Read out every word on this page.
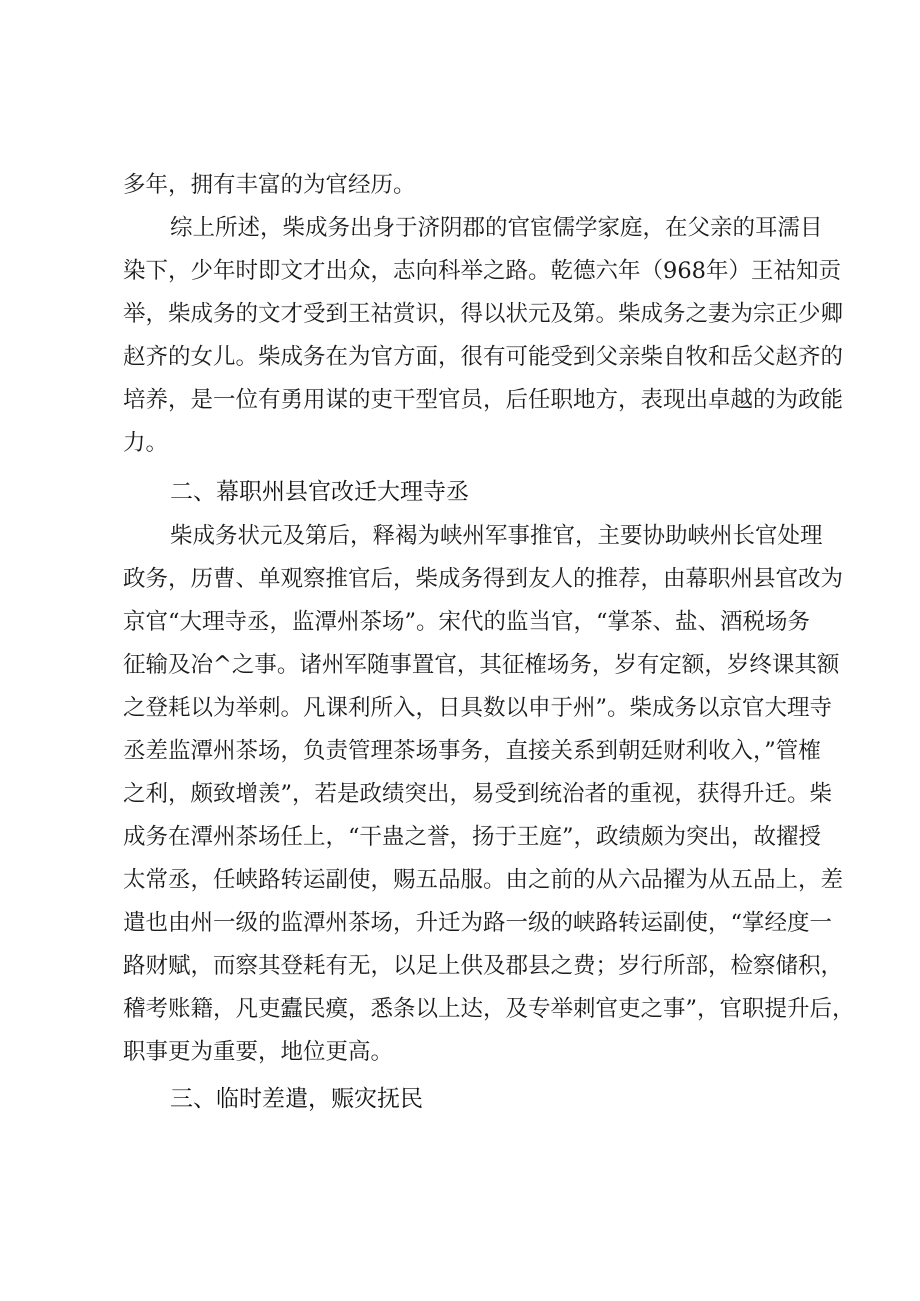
多年，拥有丰富的为官经历。
综上所述，柴成务出身于济阴郡的官宦儒学家庭，在父亲的耳濡目
染下，少年时即文才出众，志向科举之路。乾德六年（968年）王祜知贡
举，柴成务的文才受到王祜赏识，得以状元及第。柴成务之妻为宗正少卿
赵齐的女儿。柴成务在为官方面，很有可能受到父亲柴自牧和岳父赵齐的
培养，是一位有勇用谋的吏干型官员，后任职地方，表现出卓越的为政能
力。
二、幕职州县官改迁大理寺丞
柴成务状元及第后，释褐为峡州军事推官，主要协助峡州长官处理
政务，历曹、单观察推官后，柴成务得到友人的推荐，由幕职州县官改为
京官“大理寺丞，监潭州茶场”。宋代的监当官，“掌茶、盐、酒税场务
征输及冶^之事。诸州军随事置官，其征榷场务，岁有定额，岁终课其额
之登耗以为举刺。凡课利所入，日具数以申于州”。柴成务以京官大理寺
丞差监潭州茶场，负责管理茶场事务，直接关系到朝廷财利收入，”管榷
之利，颇致增羡”，若是政绩突出，易受到统治者的重视，获得升迁。柴
成务在潭州茶场任上，“干蛊之誉，扬于王庭”，政绩颇为突出，故擢授
太常丞，任峡路转运副使，赐五品服。由之前的从六品擢为从五品上，差
遣也由州一级的监潭州茶场，升迁为路一级的峡路转运副使，“掌经度一
路财赋，而察其登耗有无，以足上供及郡县之费；岁行所部，检察储积，
稽考账籍，凡吏蠹民瘼，悉条以上达，及专举刺官吏之事”，官职提升后，
职事更为重要，地位更高。
三、临时差遣，赈灾抚民
